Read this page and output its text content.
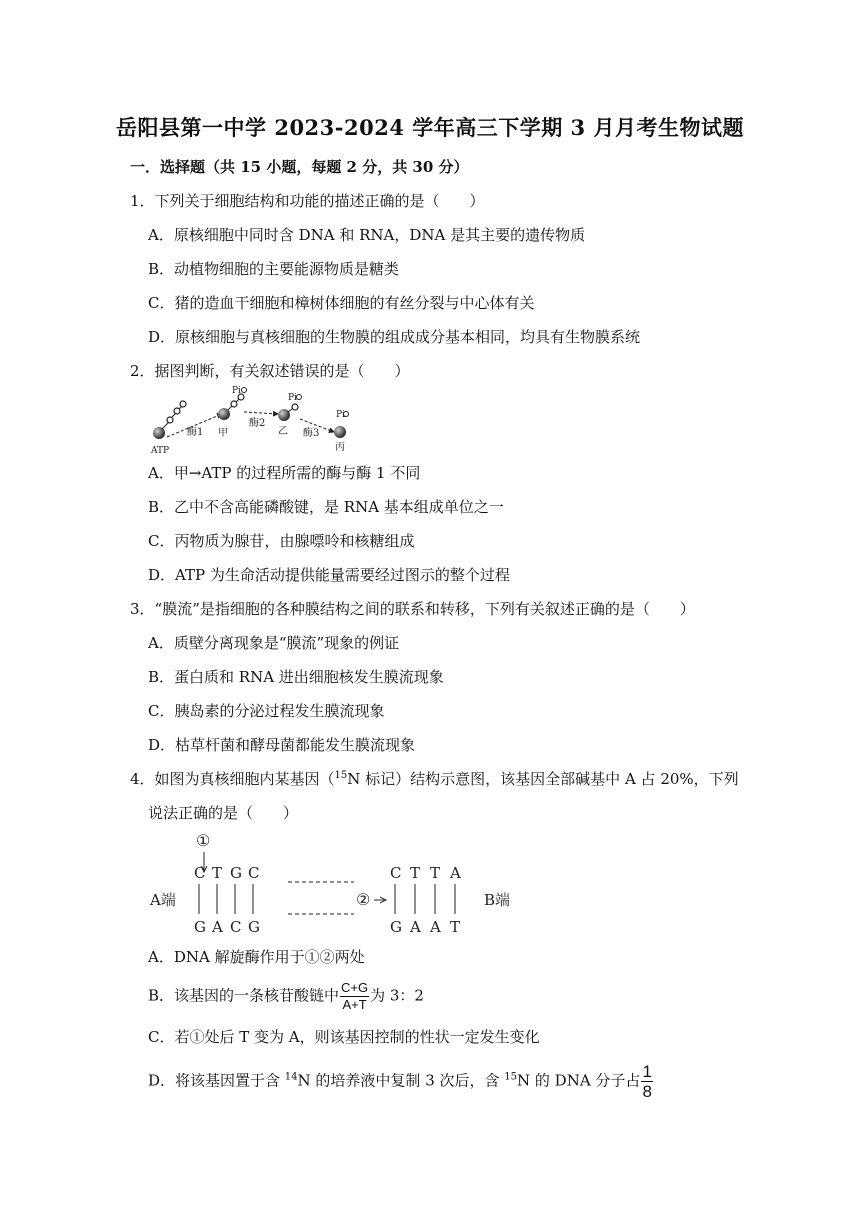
岳阳县第一中学 2023-2024 学年高三下学期 3 月月考生物试题
一．选择题（共 15 小题，每题 2 分，共 30 分）
1．下列关于细胞结构和功能的描述正确的是（　　）
A．原核细胞中同时含 DNA 和 RNA，DNA 是其主要的遗传物质
B．动植物细胞的主要能源物质是糖类
C．猪的造血干细胞和樟树体细胞的有丝分裂与中心体有关
D．原核细胞与真核细胞的生物膜的组成成分基本相同，均具有生物膜系统
2．据图判断，有关叙述错误的是（　　）
ATP
酶1 甲
Pi
酶2
乙
Pi
酶3
丙
Pi
A．甲→ATP 的过程所需的酶与酶 1 不同
B．乙中不含高能磷酸键，是 RNA 基本组成单位之一
C．丙物质为腺苷，由腺嘌呤和核糖组成
D．ATP 为生命活动提供能量需要经过图示的整个过程
3．“膜流”是指细胞的各种膜结构之间的联系和转移，下列有关叙述正确的是（　　）
A．质壁分离现象是“膜流”现象的例证
B．蛋白质和 RNA 进出细胞核发生膜流现象
C．胰岛素的分泌过程发生膜流现象
D．枯草杆菌和酵母菌都能发生膜流现象
4．如图为真核细胞内某基因（$^{15}$N 标记）结构示意图，该基因全部碱基中 A 占 20%，下列
说法正确的是（　　）
①
A端
C T G C
G A C G
②
C T T A
G A A T
B端
A．DNA 解旋酶作用于①②两处
B．该基因的一条核苷酸链中 $\frac{C+G}{A+T}$ 为 3：2
C．若①处后 T 变为 A，则该基因控制的性状一定发生变化
D．将该基因置于含 $^{14}$N 的培养液中复制 3 次后，含 $^{15}$N 的 DNA 分子占 $\frac{1}{8}$
